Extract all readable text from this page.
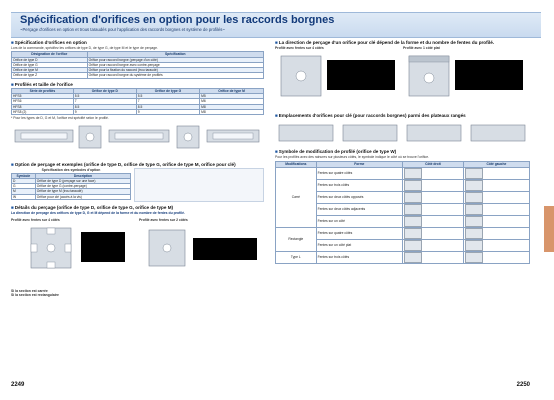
Spécification d'orifices en option pour les raccords borgnes
~Perçage d'orifices en option et trous taraudés pour l'application des raccords borgnes et système de profilés~
■ Spécification d'orifices en option
Lors de la commande, spécifiez les orifices de type D, de type G, de type M et le type de perçage.
Désignation de l'orifice	Spécification
Orifice de type D	Orifice pour raccord borgne (perçage d'un côté)
Orifice de type G	Orifice pour raccord borgne avec contre-perçage
Orifice de type M	Orifice pour la fixation du raccord (trou taraudé)
Orifice de type Z	Orifice pour raccord borgne du système de profilés
■ Profilés et taille de l'orifice
Série de profilés	Orifice de type D	Orifice de type G	Orifice de type M
HFS5	5.5	5.5	M5
HFS6	7	7	M6
HFS8	8.5	8.5	M8
HFS8 (2)	9	9	M8
* Pour les types de D, G et M, l'orifice est spécifié selon le profilé.
■ Option de perçage et exemples (orifice de type D, orifice de type G, orifice de type M, orifice pour clé)
Spécification des symboles d'option
Symbole	Description
D	Orifice de type D (perçage sur une face)
G	Orifice de type G (contre-perçage)
M	Orifice de type M (trou taraudé)
W	Orifice pour clé (accès à la vis)
■ Détails du perçage (orifice de type D, orifice de type G, orifice de type M)
La direction de perçage des orifices de type D, G et M dépend de la forme et du nombre de fentes du profilé.
Profilé avec fentes sur 4 côtés
Si la section est carrée
Si la section est rectangulaire
Profilé avec fentes sur 2 côtés
2249
■ La direction de perçage d'un orifice pour clé dépend de la forme et du nombre de fentes du profilé.
Profilé avec fentes sur 4 côtés	Profilé avec 1 côté plat
■ Emplacements d'orifices pour clé (pour raccords borgnes) parmi des plateaux rangés
■ Symbole de modification de profilé (orifice de type W)
Pour les profilés avec des rainures sur plusieurs côtés, le symbole indique le côté où se trouve l'orifice.
Modifications	Forme	Côté droit	Côté gauche
Carré	Fentes sur quatre côtés		
	Fentes sur trois côtés		
	Fentes sur deux côtés opposés		
	Fentes sur deux côtés adjacents		
	Fentes sur un côté		
Rectangle	Fentes sur quatre côtés		
	Fentes sur un côté plat		
Type L	Fentes sur trois côtés		
2250
